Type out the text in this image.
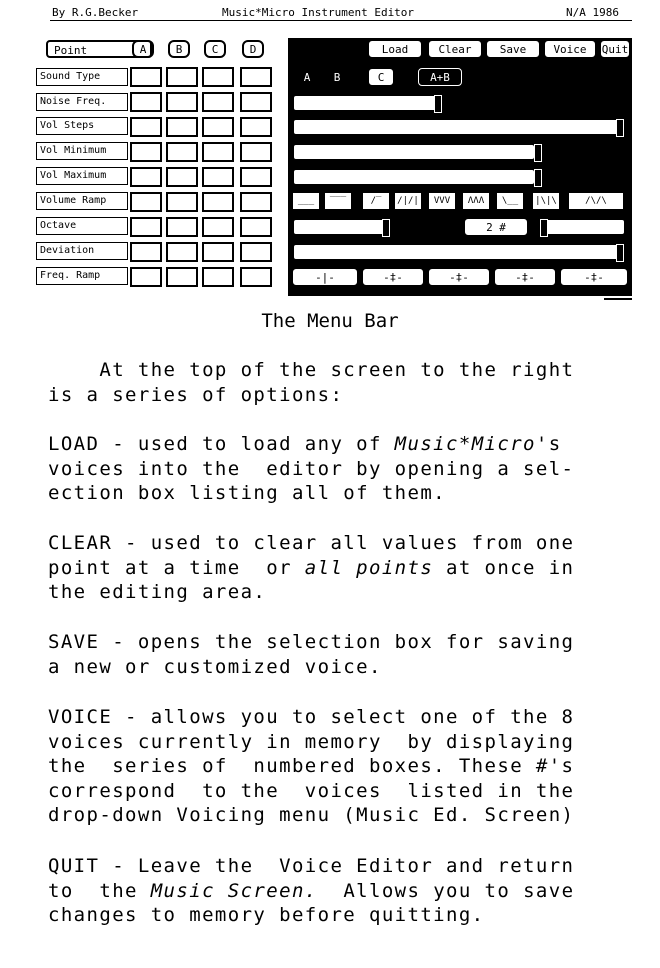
By R.G.Becker	Music*Micro Instrument Editor	N/A 1986
Point	A	B	C	D
Sound Type
Noise Freq.
Vol Steps
Vol Minimum
Vol Maximum
Volume Ramp
Octave
Deviation
Freq. Ramp
Load	Clear	Save	Voice	Quit
A	B	C	A+B
___	‾‾‾	/‾	/|/|	VVV	ΛΛΛ	\__	|\|\	/\/\
2 #
-|-	-‡-	-‡-	-‡-	-‡-
The Menu Bar

At the top of the screen to the right
is a series of options:

LOAD - used to load any of Music*Micro's
voices into the  editor by opening a sel-
ection box listing all of them.

CLEAR - used to clear all values from one
point at a time  or all points at once in
the editing area.

SAVE - opens the selection box for saving
a new or customized voice.

VOICE - allows you to select one of the 8
voices currently in memory  by displaying
the  series of  numbered boxes. These #'s
correspond  to the  voices  listed in the
drop-down Voicing menu (Music Ed. Screen)

QUIT - Leave the  Voice Editor and return
to  the Music Screen.  Allows you to save
changes to memory before quitting.
